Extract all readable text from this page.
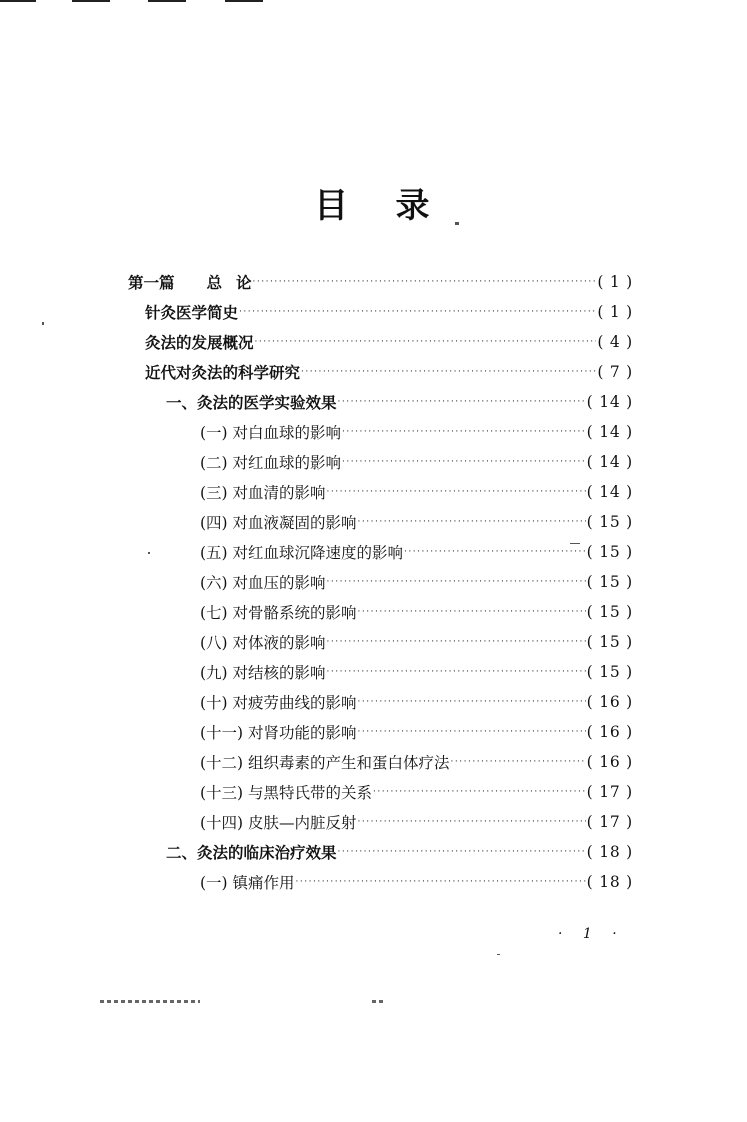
目 录
第一篇 总 论 ·····	( 1 )
针灸医学简史 ·····	( 1 )
灸法的发展概况 ·····	( 4 )
近代对灸法的科学研究 ·····	( 7 )
一、灸法的医学实验效果 ·····	( 14 )
(一) 对白血球的影响 ·····	( 14 )
(二) 对红血球的影响 ·····	( 14 )
(三) 对血清的影响 ·····	( 14 )
(四) 对血液凝固的影响 ·····	( 15 )
(五) 对红血球沉降速度的影响 ·····	( 15 )
(六) 对血压的影响 ·····	( 15 )
(七) 对骨骼系统的影响 ·····	( 15 )
(八) 对体液的影响 ·····	( 15 )
(九) 对结核的影响 ·····	( 15 )
(十) 对疲劳曲线的影响 ·····	( 16 )
(十一) 对肾功能的影响 ·····	( 16 )
(十二) 组织毒素的产生和蛋白体疗法 ·····	( 16 )
(十三) 与黑特氏带的关系 ·····	( 17 )
(十四) 皮肤—内脏反射 ·····	( 17 )
二、灸法的临床治疗效果 ·····	( 18 )
(一) 镇痛作用 ·····	( 18 )
· 1 ·
